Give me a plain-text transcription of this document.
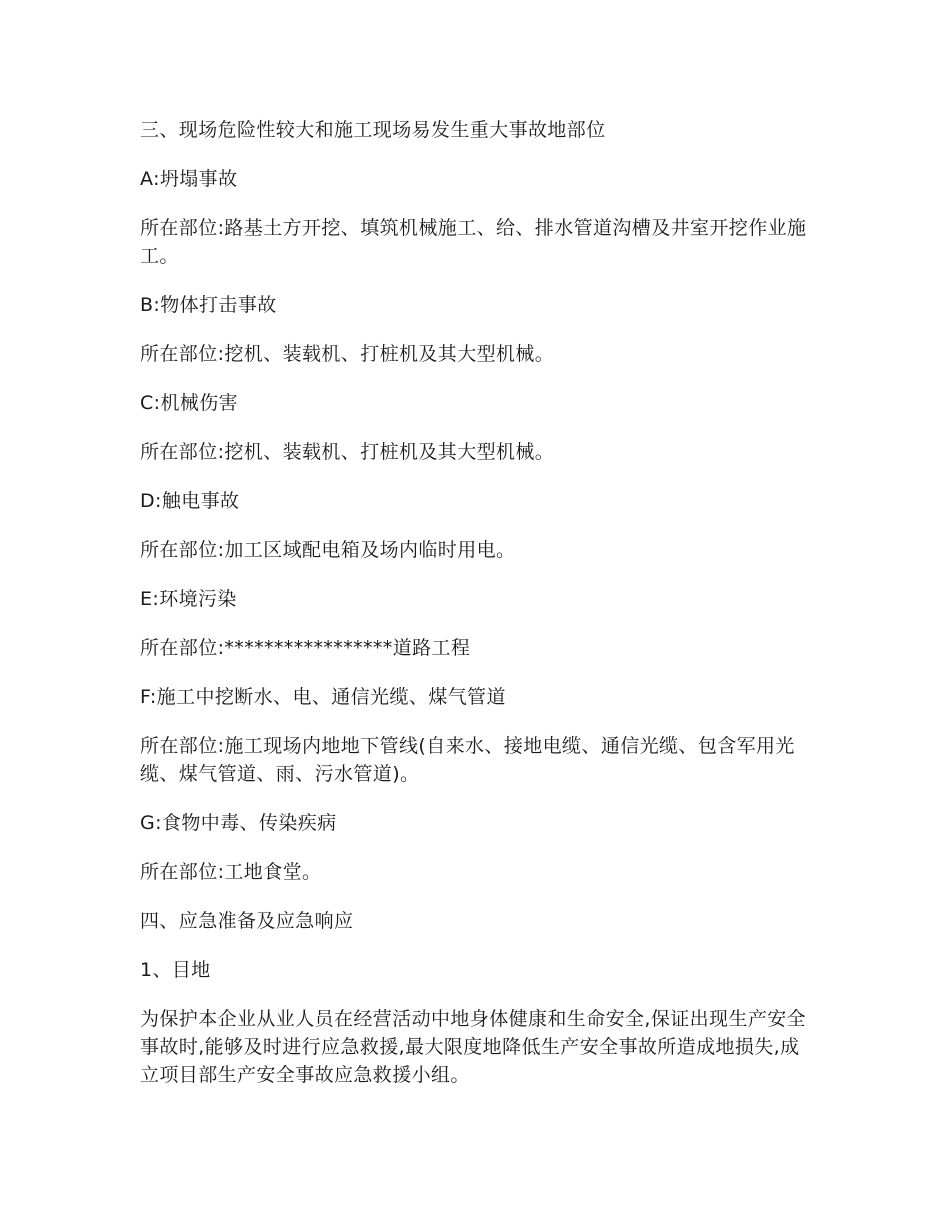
三、现场危险性较大和施工现场易发生重大事故地部位

A:坍塌事故

所在部位:路基土方开挖、填筑机械施工、给、排水管道沟槽及井室开挖作业施工。

B:物体打击事故

所在部位:挖机、装载机、打桩机及其大型机械。

C:机械伤害

所在部位:挖机、装载机、打桩机及其大型机械。

D:触电事故

所在部位:加工区域配电箱及场内临时用电。

E:环境污染

所在部位:*****************道路工程

F:施工中挖断水、电、通信光缆、煤气管道

所在部位:施工现场内地地下管线(自来水、接地电缆、通信光缆、包含军用光缆、煤气管道、雨、污水管道)。

G:食物中毒、传染疾病

所在部位:工地食堂。

四、应急准备及应急响应

1、目地

为保护本企业从业人员在经营活动中地身体健康和生命安全,保证出现生产安全事故时,能够及时进行应急救援,最大限度地降低生产安全事故所造成地损失,成立项目部生产安全事故应急救援小组。
